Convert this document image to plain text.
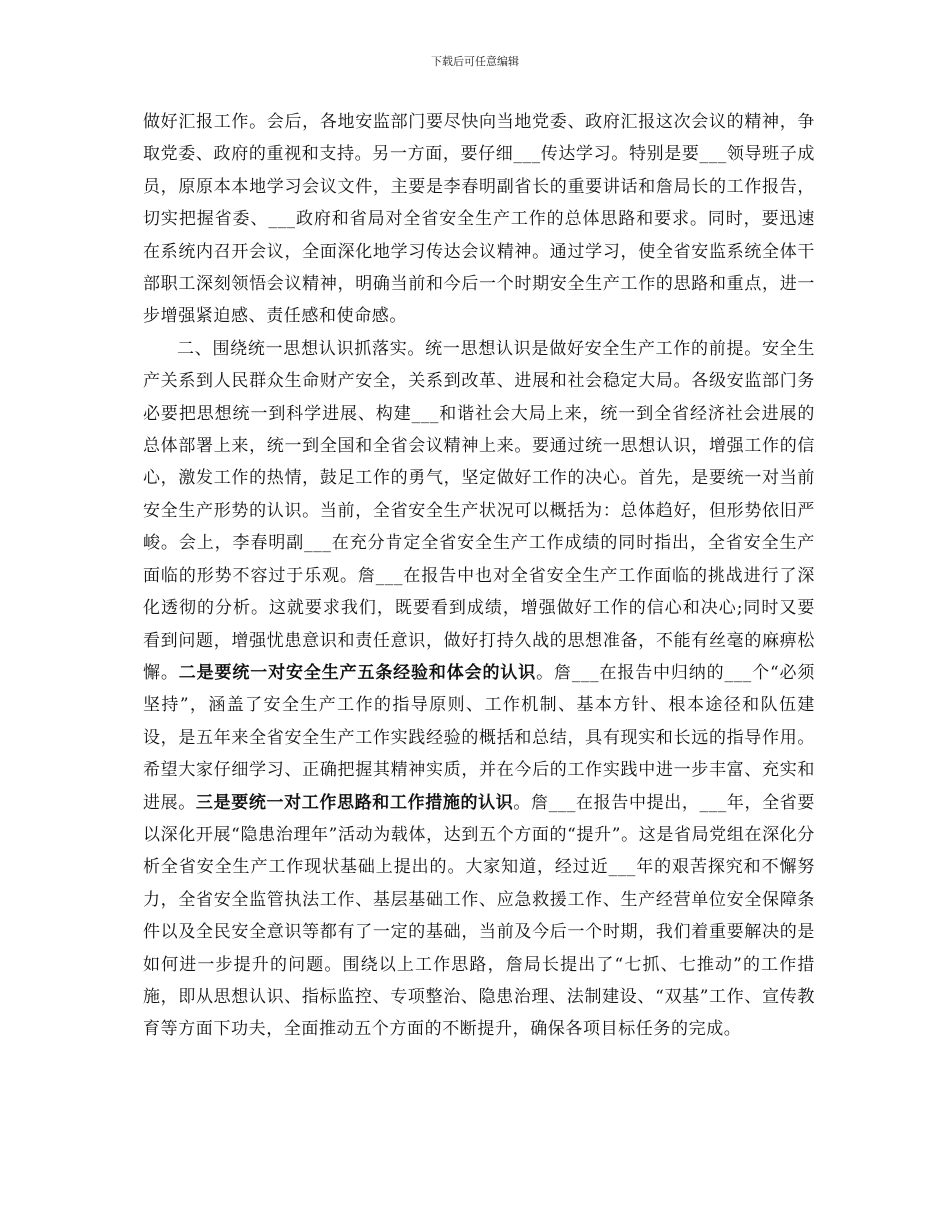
下载后可任意编辑

做好汇报工作。会后，各地安监部门要尽快向当地党委、政府汇报这次会议的精神，争取党委、政府的重视和支持。另一方面，要仔细___传达学习。特别是要___领导班子成员，原原本本地学习会议文件，主要是李春明副省长的重要讲话和詹局长的工作报告，切实把握省委、___政府和省局对全省安全生产工作的总体思路和要求。同时，要迅速在系统内召开会议，全面深化地学习传达会议精神。通过学习，使全省安监系统全体干部职工深刻领悟会议精神，明确当前和今后一个时期安全生产工作的思路和重点，进一步增强紧迫感、责任感和使命感。

二、围绕统一思想认识抓落实。统一思想认识是做好安全生产工作的前提。安全生产关系到人民群众生命财产安全，关系到改革、进展和社会稳定大局。各级安监部门务必要把思想统一到科学进展、构建___和谐社会大局上来，统一到全省经济社会进展的总体部署上来，统一到全国和全省会议精神上来。要通过统一思想认识，增强工作的信心，激发工作的热情，鼓足工作的勇气，坚定做好工作的决心。首先，是要统一对当前安全生产形势的认识。当前，全省安全生产状况可以概括为：总体趋好，但形势依旧严峻。会上，李春明副___在充分肯定全省安全生产工作成绩的同时指出，全省安全生产面临的形势不容过于乐观。詹___在报告中也对全省安全生产工作面临的挑战进行了深化透彻的分析。这就要求我们，既要看到成绩，增强做好工作的信心和决心;同时又要看到问题，增强忧患意识和责任意识，做好打持久战的思想准备，不能有丝毫的麻痹松懈。二是要统一对安全生产五条经验和体会的认识。詹___在报告中归纳的___个“必须坚持”，涵盖了安全生产工作的指导原则、工作机制、基本方针、根本途径和队伍建设，是五年来全省安全生产工作实践经验的概括和总结，具有现实和长远的指导作用。希望大家仔细学习、正确把握其精神实质，并在今后的工作实践中进一步丰富、充实和进展。三是要统一对工作思路和工作措施的认识。詹___在报告中提出，___年，全省要以深化开展“隐患治理年”活动为载体，达到五个方面的“提升”。这是省局党组在深化分析全省安全生产工作现状基础上提出的。大家知道，经过近___年的艰苦探究和不懈努力，全省安全监管执法工作、基层基础工作、应急救援工作、生产经营单位安全保障条件以及全民安全意识等都有了一定的基础，当前及今后一个时期，我们着重要解决的是如何进一步提升的问题。围绕以上工作思路，詹局长提出了“七抓、七推动”的工作措施，即从思想认识、指标监控、专项整治、隐患治理、法制建设、“双基”工作、宣传教育等方面下功夫，全面推动五个方面的不断提升，确保各项目标任务的完成。
